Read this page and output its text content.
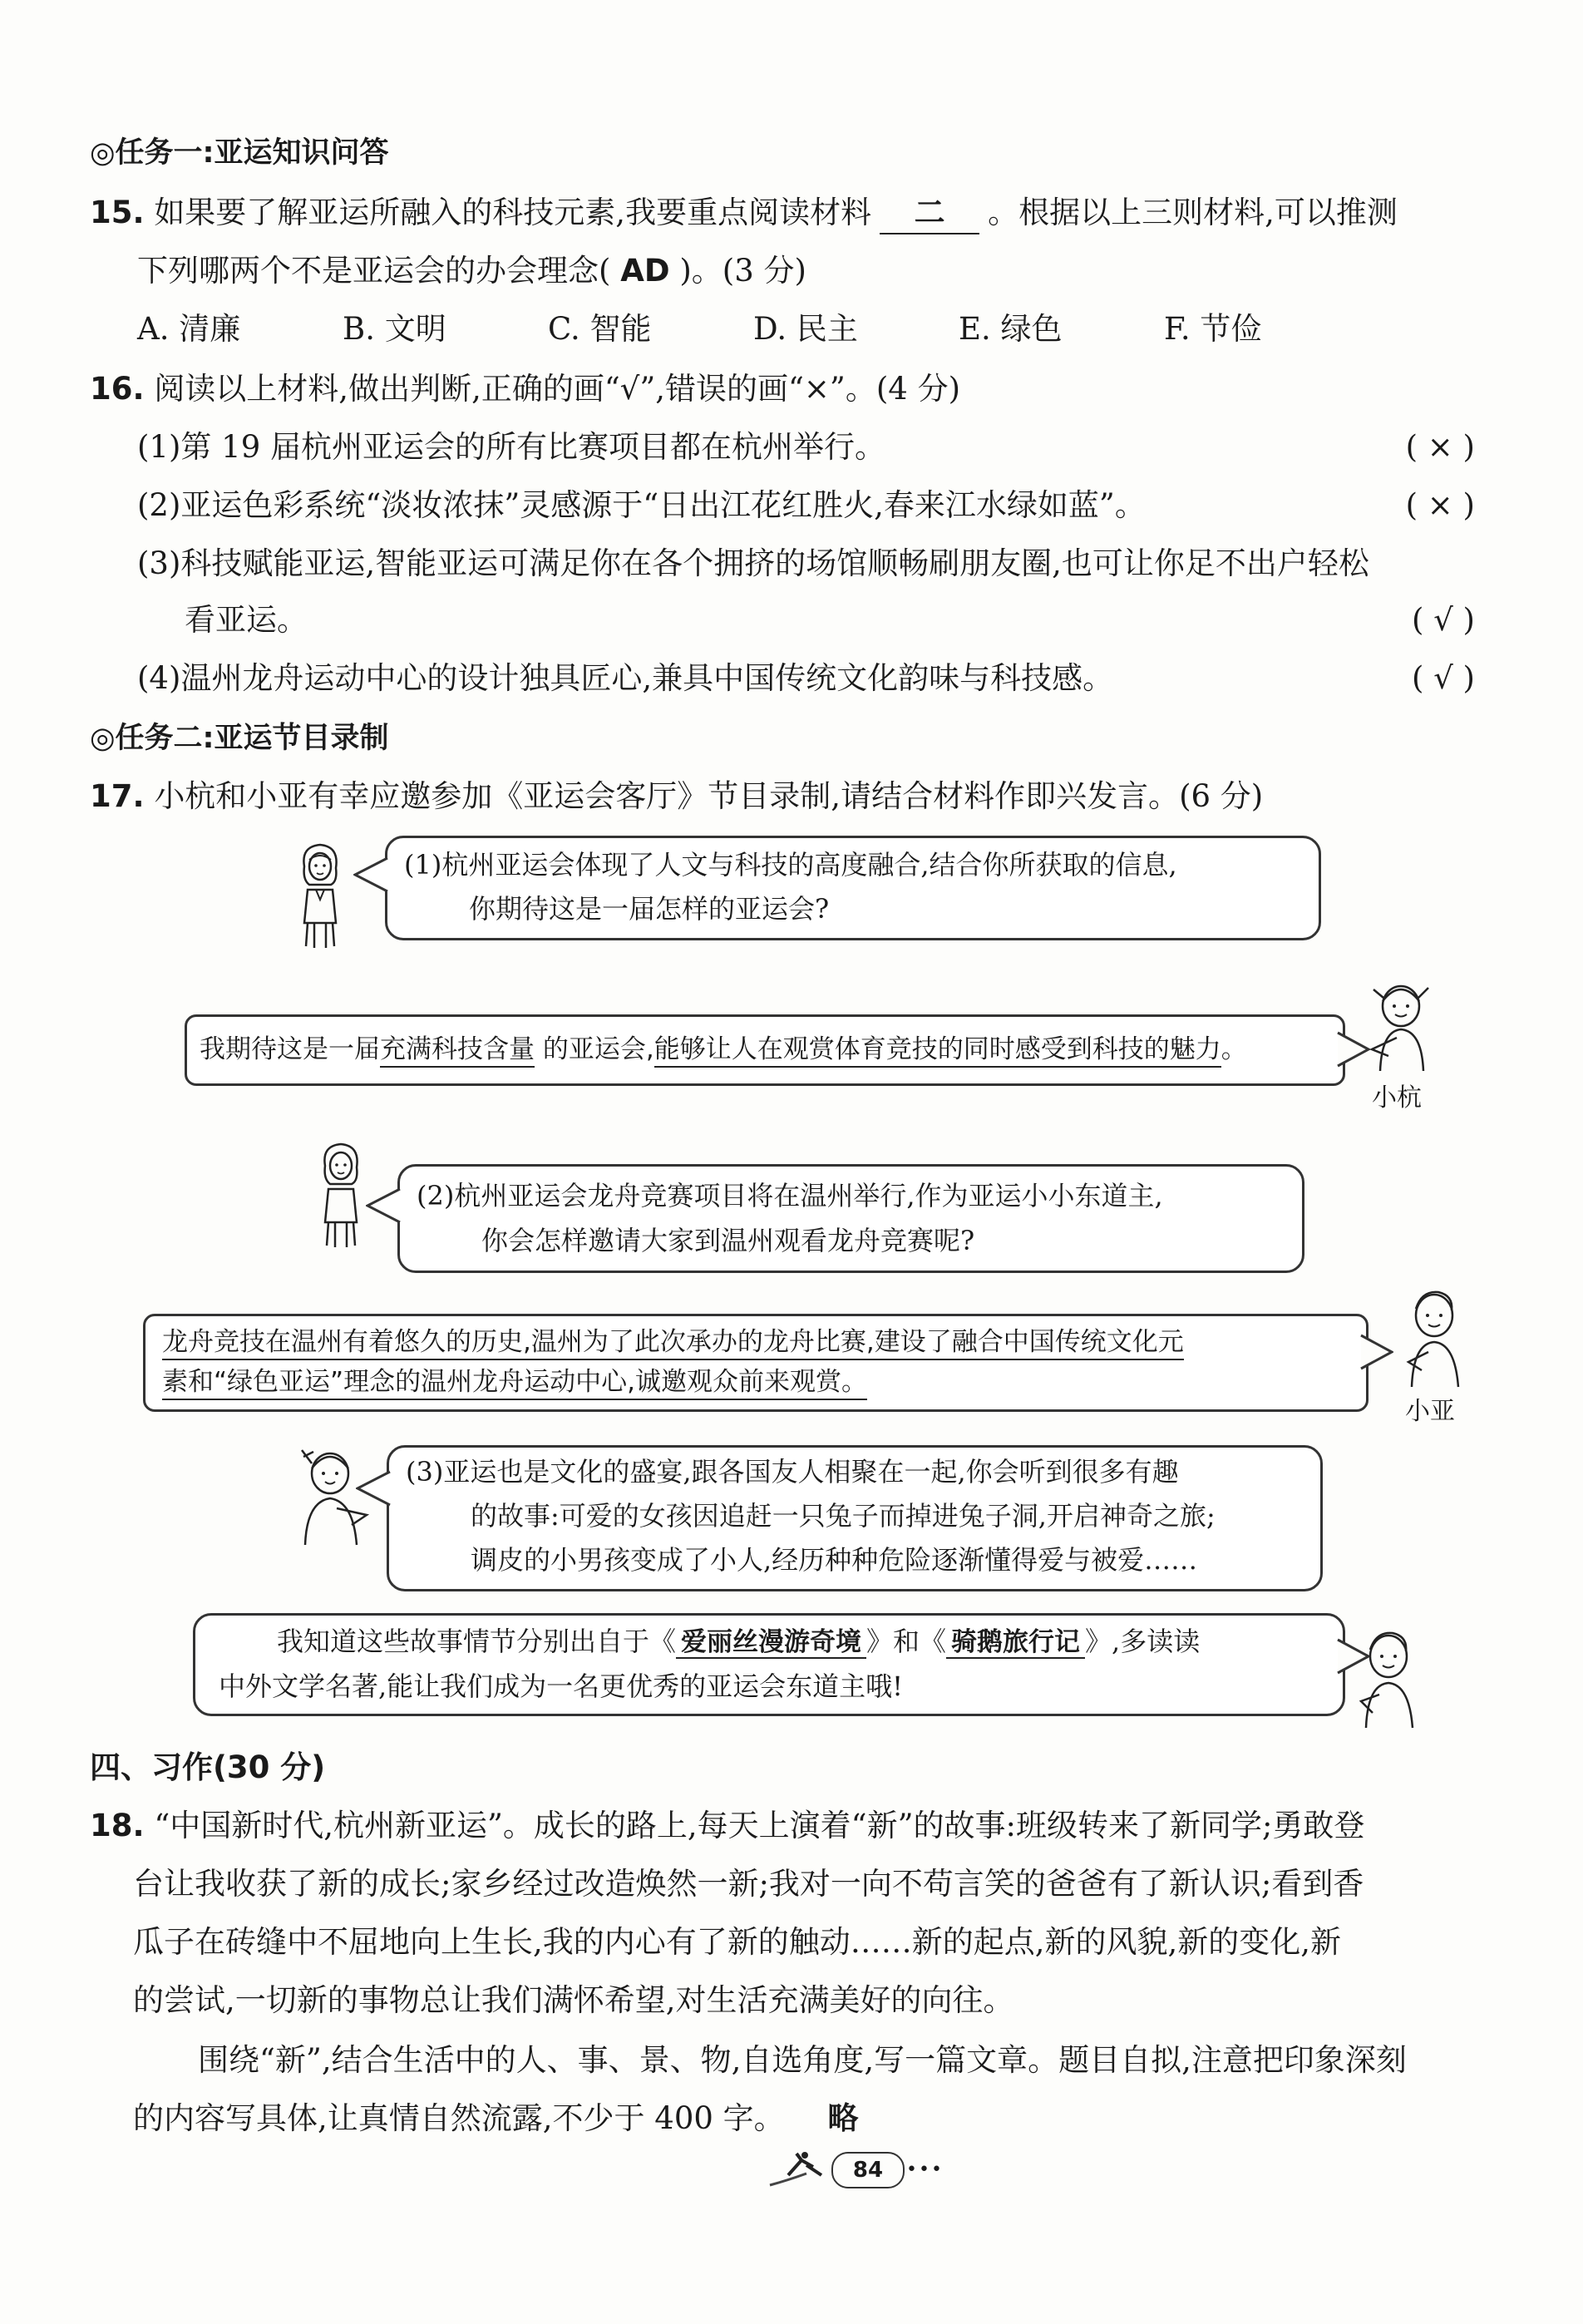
◎任务一:亚运知识问答
15. 如果要了解亚运所融入的科技元素,我要重点阅读材料 二 。根据以上三则材料,可以推测
下列哪两个不是亚运会的办会理念( AD )。(3 分)
A. 清廉	B. 文明	C. 智能	D. 民主	E. 绿色	F. 节俭
16. 阅读以上材料,做出判断,正确的画“√”,错误的画“×”。(4 分)
(1)第 19 届杭州亚运会的所有比赛项目都在杭州举行。	( × )
(2)亚运色彩系统“淡妆浓抹”灵感源于“日出江花红胜火,春来江水绿如蓝”。	( × )
(3)科技赋能亚运,智能亚运可满足你在各个拥挤的场馆顺畅刷朋友圈,也可让你足不出户轻松
看亚运。	( √ )
(4)温州龙舟运动中心的设计独具匠心,兼具中国传统文化韵味与科技感。	( √ )
◎任务二:亚运节目录制
17. 小杭和小亚有幸应邀参加《亚运会客厅》节目录制,请结合材料作即兴发言。(6 分)
(1)杭州亚运会体现了人文与科技的高度融合,结合你所获取的信息,
你期待这是一届怎样的亚运会?
我期待这是一届充满科技含量 的亚运会,能够让人在观赏体育竞技的同时感受到科技的魅力。
小杭
(2)杭州亚运会龙舟竞赛项目将在温州举行,作为亚运小小东道主,
你会怎样邀请大家到温州观看龙舟竞赛呢?
龙舟竞技在温州有着悠久的历史,温州为了此次承办的龙舟比赛,建设了融合中国传统文化元
素和“绿色亚运”理念的温州龙舟运动中心,诚邀观众前来观赏。
小亚
(3)亚运也是文化的盛宴,跟各国友人相聚在一起,你会听到很多有趣
的故事:可爱的女孩因追赶一只兔子而掉进兔子洞,开启神奇之旅;
调皮的小男孩变成了小人,经历种种危险逐渐懂得爱与被爱……
我知道这些故事情节分别出自于《 爱丽丝漫游奇境 》和《 骑鹅旅行记 》,多读读
中外文学名著,能让我们成为一名更优秀的亚运会东道主哦!
四、习作(30 分)
18. “中国新时代,杭州新亚运”。成长的路上,每天上演着“新”的故事:班级转来了新同学;勇敢登
台让我收获了新的成长;家乡经过改造焕然一新;我对一向不苟言笑的爸爸有了新认识;看到香
瓜子在砖缝中不屈地向上生长,我的内心有了新的触动……新的起点,新的风貌,新的变化,新
的尝试,一切新的事物总让我们满怀希望,对生活充满美好的向往。
围绕“新”,结合生活中的人、事、景、物,自选角度,写一篇文章。题目自拟,注意把印象深刻
的内容写具体,让真情自然流露,不少于 400 字。 略
84	•••
